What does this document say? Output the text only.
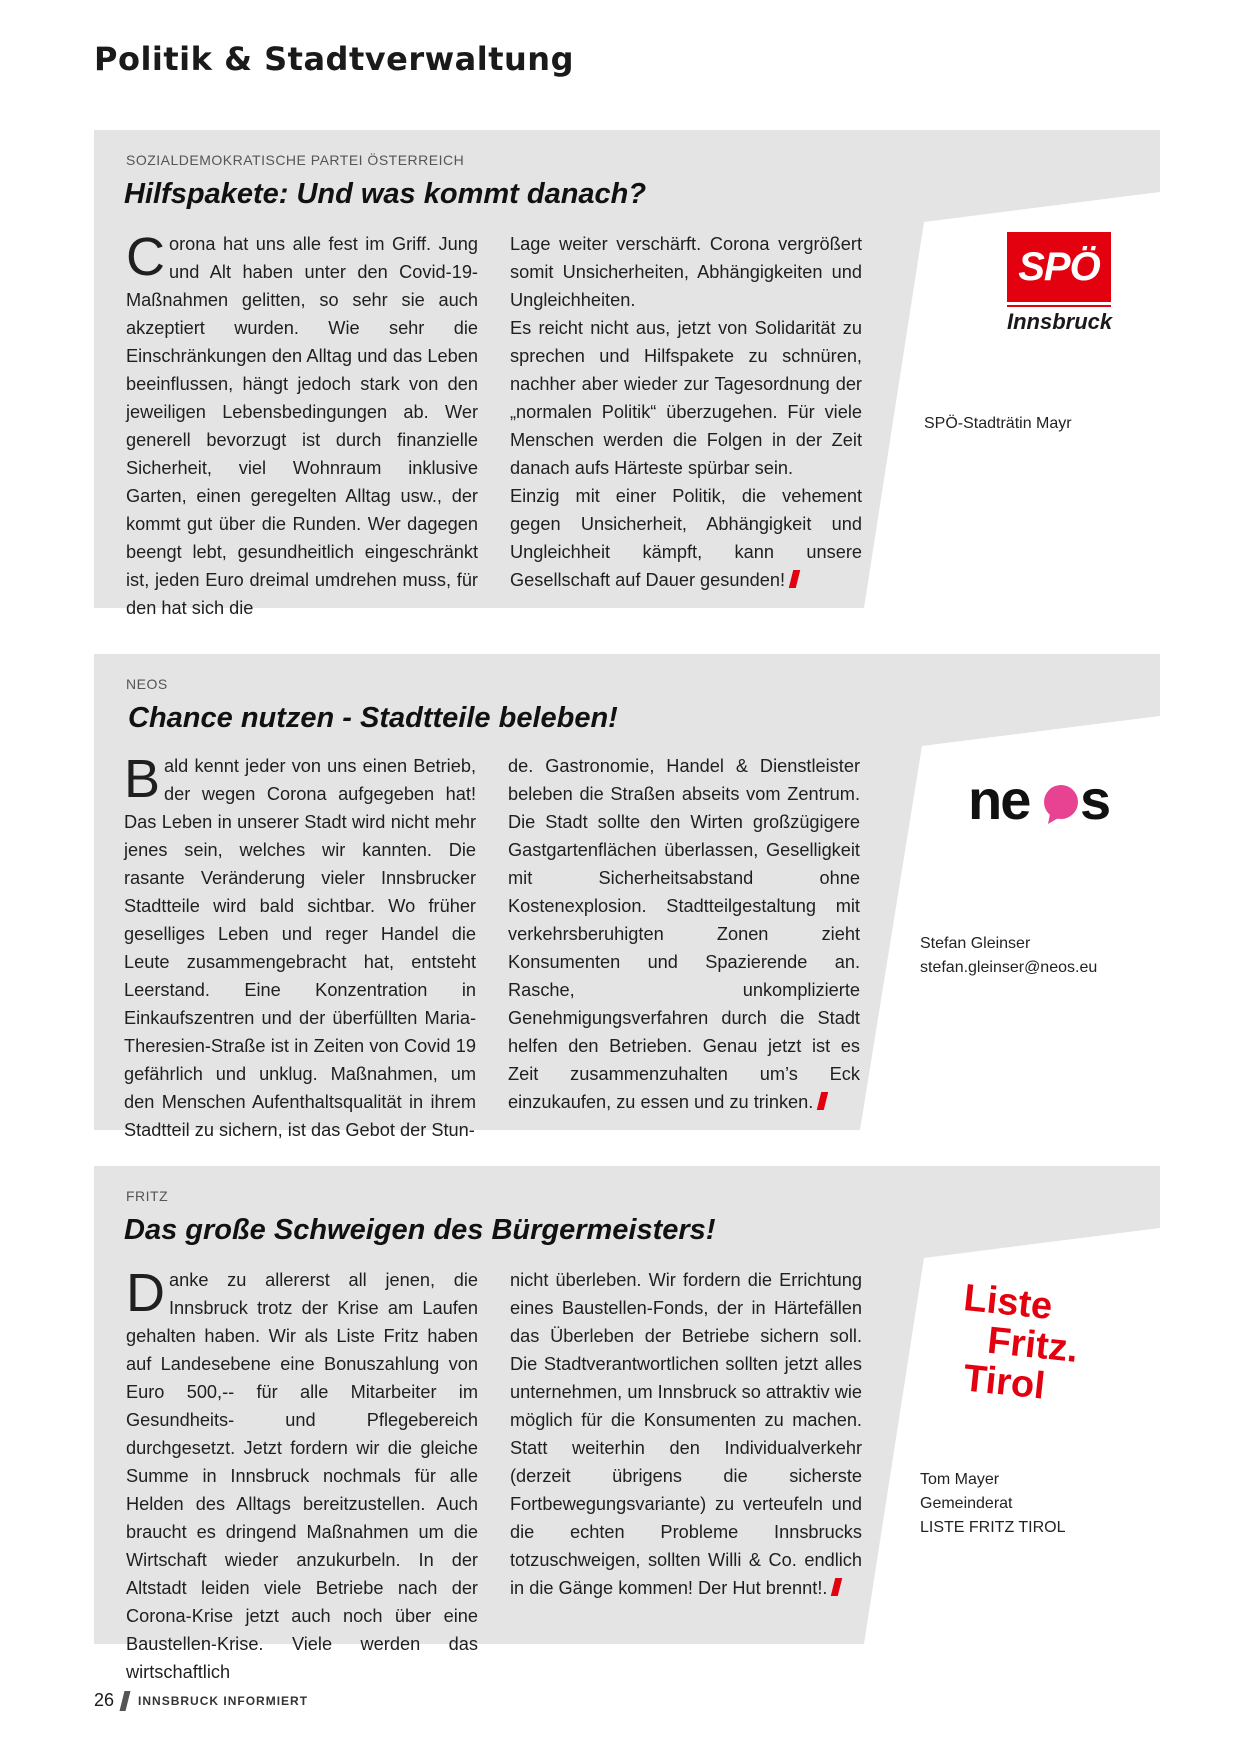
Politik & Stadtverwaltung
SOZIALDEMOKRATISCHE PARTEI ÖSTERREICH
Hilfspakete: Und was kommt danach?
Corona hat uns alle fest im Griff. Jung und Alt haben unter den Covid-19-Maßnahmen gelitten, so sehr sie auch akzeptiert wurden. Wie sehr die Einschränkungen den Alltag und das Leben beeinflussen, hängt jedoch stark von den jeweiligen Lebensbedingungen ab. Wer generell bevorzugt ist durch finanzielle Sicherheit, viel Wohnraum inklusive Garten, einen geregelten Alltag usw., der kommt gut über die Runden. Wer dagegen beengt lebt, gesundheitlich eingeschränkt ist, jeden Euro dreimal umdrehen muss, für den hat sich die

Lage weiter verschärft. Corona vergrößert somit Unsicherheiten, Abhängigkeiten und Ungleichheiten.

Es reicht nicht aus, jetzt von Solidarität zu sprechen und Hilfspakete zu schnüren, nachher aber wieder zur Tagesordnung der „normalen Politik“ überzugehen. Für viele Menschen werden die Folgen in der Zeit danach aufs Härteste spürbar sein.

Einzig mit einer Politik, die vehement gegen Unsicherheit, Abhängigkeit und Ungleichheit kämpft, kann unsere Gesellschaft auf Dauer gesunden!

SPÖ
Innsbruck
SPÖ-Stadträtin Mayr
NEOS
Chance nutzen - Stadtteile beleben!
Bald kennt jeder von uns einen Betrieb, der wegen Corona aufgegeben hat! Das Leben in unserer Stadt wird nicht mehr jenes sein, welches wir kannten. Die rasante Veränderung vieler Innsbrucker Stadtteile wird bald sichtbar. Wo früher geselliges Leben und reger Handel die Leute zusammengebracht hat, entsteht Leerstand. Eine Konzentration in Einkaufszentren und der überfüllten Maria-Theresien-Straße ist in Zeiten von Covid 19 gefährlich und unklug. Maßnahmen, um den Menschen Aufenthaltsqualität in ihrem Stadtteil zu sichern, ist das Gebot der Stun-

de. Gastronomie, Handel & Dienstleister beleben die Straßen abseits vom Zentrum. Die Stadt sollte den Wirten großzügigere Gastgartenflächen überlassen, Geselligkeit mit Sicherheitsabstand ohne Kostenexplosion. Stadtteilgestaltung mit verkehrsberuhigten Zonen zieht Konsumenten und Spazierende an. Rasche, unkomplizierte Genehmigungsverfahren durch die Stadt helfen den Betrieben. Genau jetzt ist es Zeit zusammenzuhalten um’s Eck einzukaufen, zu essen und zu trinken.

ne s
Stefan Gleinser
stefan.gleinser@neos.eu
FRITZ
Das große Schweigen des Bürgermeisters!
Danke zu allererst all jenen, die Innsbruck trotz der Krise am Laufen gehalten haben. Wir als Liste Fritz haben auf Landesebene eine Bonuszahlung von Euro 500,-- für alle Mitarbeiter im Gesundheits- und Pflegebereich durchgesetzt. Jetzt fordern wir die gleiche Summe in Innsbruck nochmals für alle Helden des Alltags bereitzustellen. Auch braucht es dringend Maßnahmen um die Wirtschaft wieder anzukurbeln. In der Altstadt leiden viele Betriebe nach der Corona-Krise jetzt auch noch über eine Baustellen-Krise. Viele werden das wirtschaftlich

nicht überleben. Wir fordern die Errichtung eines Baustellen-Fonds, der in Härtefällen das Überleben der Betriebe sichern soll. Die Stadtverantwortlichen sollten jetzt alles unternehmen, um Innsbruck so attraktiv wie möglich für die Konsumenten zu machen. Statt weiterhin den Individualverkehr (derzeit übrigens die sicherste Fortbewegungsvariante) zu verteufeln und die echten Probleme Innsbrucks totzuschweigen, sollten Willi & Co. endlich in die Gänge kommen! Der Hut brennt!.

Liste
Fritz.
Tirol
Tom Mayer
Gemeinderat
LISTE FRITZ TIROL
26 INNSBRUCK INFORMIERT
